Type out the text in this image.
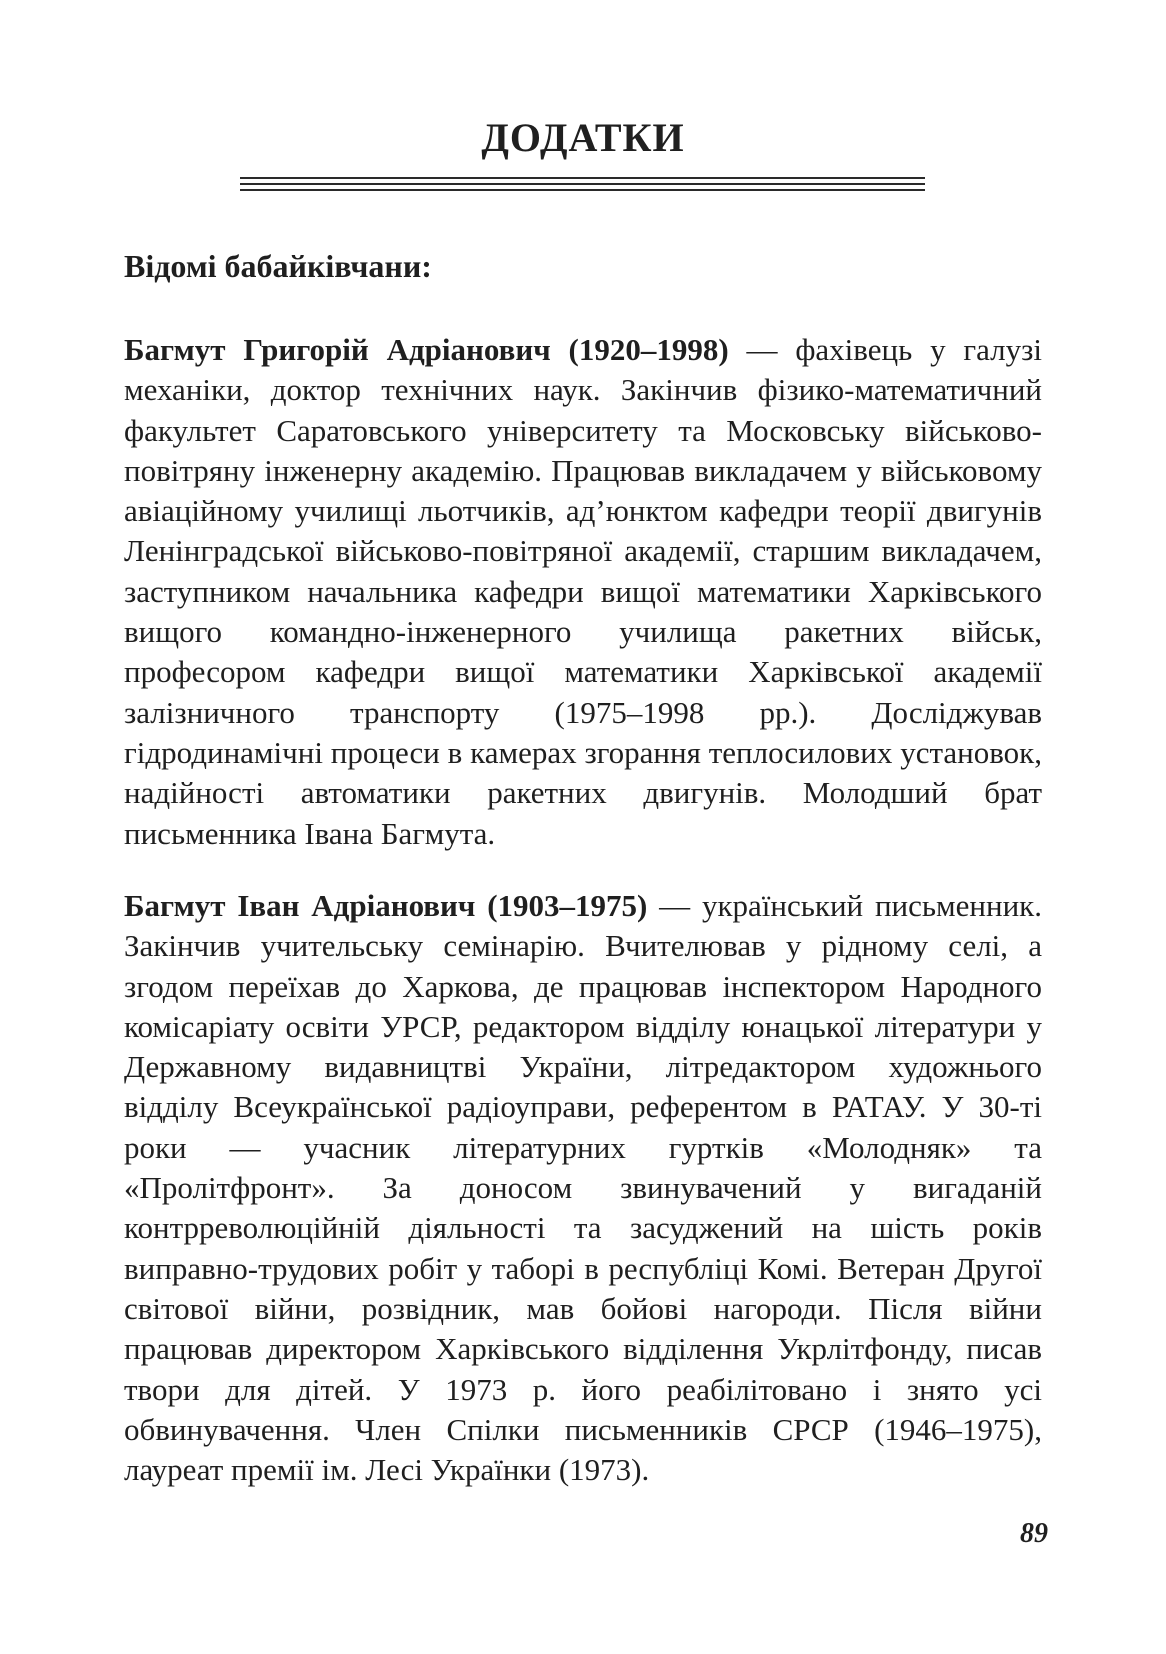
ДОДАТКИ
Відомі бабайківчани:

Багмут Григорій Адріанович (1920–1998) — фахівець у галузі механіки, доктор технічних наук. Закінчив фізико-математичний факультет Саратовського університету та Московську військово-повітряну інженерну академію. Працював викладачем у військовому авіаційному училищі льотчиків, ад’юнктом кафедри теорії двигунів Ленінградської військово-повітряної академії, старшим викладачем, заступником начальника кафедри вищої математики Харківського вищого командно-інженерного училища ракетних військ, професором кафедри вищої математики Харківської академії залізничного транспорту (1975–1998 рр.). Досліджував гідродинамічні процеси в камерах згорання теплосилових установок, надійності автоматики ракетних двигунів. Молодший брат письменника Івана Багмута.

Багмут Іван Адріанович (1903–1975) — український письменник. Закінчив учительську семінарію. Вчителював у рідному селі, а згодом переїхав до Харкова, де працював інспектором Народного комісаріату освіти УРСР, редактором відділу юнацької літератури у Державному видавництві України, літредактором художнього відділу Всеукраїнської радіоуправи, референтом в РАТАУ. У 30-ті роки — учасник літературних гуртків «Молодняк» та «Пролітфронт». За доносом звинувачений у вигаданій контрреволюційній діяльності та засуджений на шість років виправно-трудових робіт у таборі в республіці Комі. Ветеран Другої світової війни, розвідник, мав бойові нагороди. Після війни працював директором Харківського відділення Укрлітфонду, писав твори для дітей. У 1973 р. його реабілітовано і знято усі обвинувачення. Член Спілки письменників СРСР (1946–1975), лауреат премії ім. Лесі Українки (1973).

89
